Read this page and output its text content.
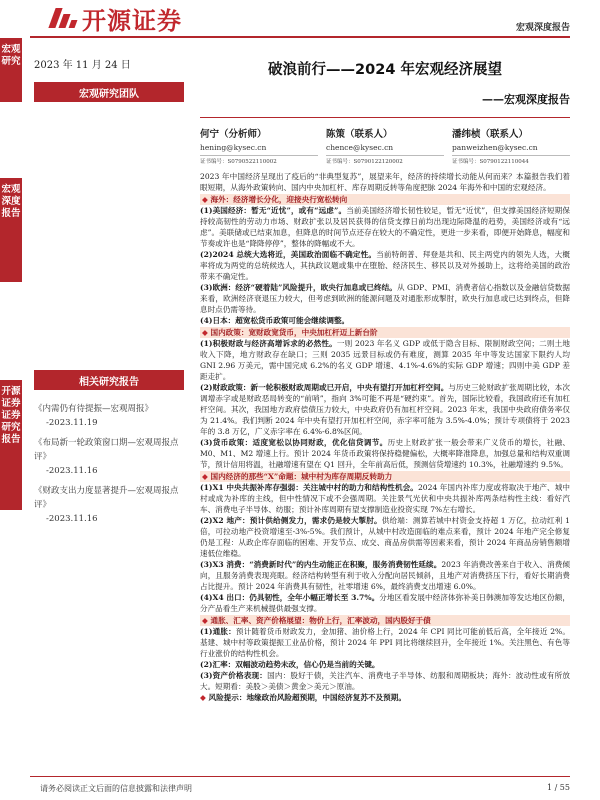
宏观研究
宏观深度报告
开源证券 证券研究报告
开源证券	宏观深度报告
2023 年 11 月 24 日
宏观研究团队
相关研究报告
《内需仍有待提振—宏观周报》
-2023.11.19
《布局新一轮政策窗口期—宏观周报点评》
-2023.11.16
《财政支出力度显著提升—宏观周报点评》
-2023.11.16
破浪前行——2024 年宏观经济展望
——宏观深度报告
何宁（分析师）
hening@kysec.cn
证书编号：S0790522110002
陈策（联系人）
chence@kysec.cn
证书编号：S0790122120002
潘纬桢（联系人）
panweizhen@kysec.cn
证书编号：S0790122110044

2023 年中国经济呈现出了疫后的“非典型复苏”，展望来年，经济的持续增长动能从何而来？本篇报告我们着眼短期，从海外政策转向、国内中央加杠杆、库存周期反转等角度把脉 2024 年海外和中国的宏观经济。

◆ 海外：经济增长分化，迎接央行宽松转向

(1)美国经济：暂无“近忧”，或有“远虑”。当前美国经济增长韧性较足，暂无“近忧”，但支撑美国经济短期保持较高韧性的劳动力市场、财政扩张以及居民获得的信贷支撑日前均出现边际降温的趋势，美国经济或有“远虑”。美联储或已结束加息，但降息的时间节点还存在较大的不确定性，更进一步来看，即便开始降息，幅度和节奏或许也是“降降停停”，整体的降幅或不大。

(2)2024 总统大选将近，美国政治面临不确定性。当前特朗普、拜登是共和、民主两党内的领先人选，大概率将成为两党的总统候选人，其执政议题或集中在堕胎、经济民生、移民以及对外援助上，这将给美国的政治带来不确定性。

(3)欧洲：经济“硬着陆”风险提升，欧央行加息或已终结。从 GDP、PMI、消费者信心指数以及金融信贷数据来看，欧洲经济衰退压力较大，但考虑到欧洲的能源问题及对通胀形成掣肘，欧央行加息或已达到终点，但降息时点仍需等待。

(4)日本：超宽松货币政策可能会继续调整。

◆ 国内政策：宽财政宽货币，中央加杠杆迈上新台阶

(1)积极财政与经济高增诉求的必然性。一则 2023 年名义 GDP 或低于隐含目标、限制财政空间；二则土地收入下降，地方财政存在缺口；三则 2035 远景目标或仍有难度，测算 2035 年中等发达国家下限约人均 GNI 2.96 万美元，需中国完成 6.2%的名义 GDP 增速、4.1%-4.6%的实际 GDP 增速；四则中美 GDP 差距走扩。

(2)财政政策：新一轮积极财政周期或已开启，中央有望打开加杠杆空间。与历史三轮财政扩张周期比较，本次调增赤字或是财政恶局转变的“前哨”，指向 3%可能不再是“硬约束”。首先，国际比较看，我国政府还有加杠杆空间。其次，我国地方政府偿债压力较大，中央政府仍有加杠杆空间。2023 年末，我国中央政府债务率仅为 21.4%。我们判断 2024 年中央有望打开加杠杆空间，赤字率可能为 3.5%-4.0%；预计专项债将于 2023 年的 3.8 万亿，广义赤字率在 6.4%-6.8%区间。

(3)货币政策：适度宽松以协同财政，优化信贷调节。历史上财政扩张一般会带来广义货币的增长，社融、M0、M1、M2 增速上行。预计 2024 年货币政策将保持稳健偏松，大概率降准降息，加强总量和结构双重调节，预计信用将温，社融增速有望在 Q1 回升，全年前高后低，预测信贷增速约 10.3%，社融增速约 9.5%。

◆ 国内经济的那些“X”命题：城中村为库存周期反转助力

(1)X1 中央共振补库存强弱：关注城中村的助力和结构性机会。2024 年国内补库力度或将取决于地产、城中村或成为补库的主线，但中性情况下或不会强周期。关注景气光伏和中央共振补库两条结构性主线：看好汽车、消费电子半导体、纺服；预计补库周期有望支撑制造业投资实现 7%左右增长。

(2)X2 地产：预计供给侧发力，需求仍是较大掣肘。供给端：测算若城中村资金支持超 1 万亿，拉动红利 1 倍，可拉动地产投资增速至-3%-5%。我们预计，从城中村改造面临的难点来看，预计 2024 年地产完全修复仍是工程：从政企库存面临的困难、开发节点、成交、商品房供需等因素来看，预计 2024 年商品房销售额增速低位维稳。

(3)X3 消费：“消费新时代”的内生动能正在积聚，服务消费韧性延续。2023 年消费改善来自于收入、消费倾向，且服务消费表现亮眼。经济结构转型有利于收入分配向居民倾斜，且地产对消费挤压下行，看好长期消费占比提升。预计 2024 年消费具有韧性，社零增速 6%，最终消费支出增速 6.0%。

(4)X4 出口：仍具韧性，全年小幅正增长至 3.7%。分地区看发展中经济体弥补美日韩澳加等发达地区份额，分产品看生产来机械提供最强支撑。

◆ 通胀、汇率、资产价格展望：物价上行，汇率波动，国内股好于债

(1)通胀：预计随着货币财政发力，金加猪、油价格上行，2024 年 CPI 同比可能前低后高，全年接近 2%。基建、城中村等政策提振工业品价格，预计 2024 年 PPI 同比将继续回升，全年接近 1%。关注黑色、有色等行业涨价的结构性机会。

(2)汇率：双幅波动趋势未改，信心仍是当前的关键。

(3)资产价格表现：国内：股好于债，关注汽车、消费电子半导体、纺服和周期板块；海外：波动性或有所放大。短期看：美股＞美债＞黄金＞美元＞原油。

◆ 风险提示：地缘政治风险超预期，中国经济复苏不及预期。

请务必阅读正文后面的信息披露和法律声明	1 / 55
